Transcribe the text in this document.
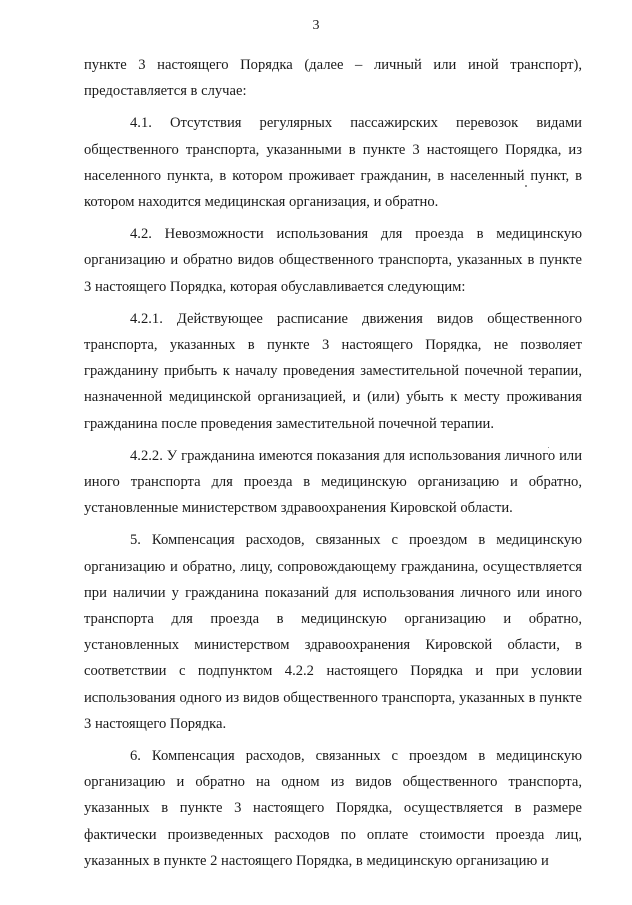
3

пункте 3 настоящего Порядка (далее – личный или иной транспорт), предоставляется в случае:

4.1. Отсутствия регулярных пассажирских перевозок видами общественного транспорта, указанными в пункте 3 настоящего Порядка, из населенного пункта, в котором проживает гражданин, в населенный пункт, в котором находится медицинская организация, и обратно.

4.2. Невозможности использования для проезда в медицинскую организацию и обратно видов общественного транспорта, указанных в пункте 3 настоящего Порядка, которая обуславливается следующим:

4.2.1. Действующее расписание движения видов общественного транспорта, указанных в пункте 3 настоящего Порядка, не позволяет гражданину прибыть к началу проведения заместительной почечной терапии, назначенной медицинской организацией, и (или) убыть к месту проживания гражданина после проведения заместительной почечной терапии.

4.2.2. У гражданина имеются показания для использования личного или иного транспорта для проезда в медицинскую организацию и обратно, установленные министерством здравоохранения Кировской области.

5. Компенсация расходов, связанных с проездом в медицинскую организацию и обратно, лицу, сопровождающему гражданина, осуществляется при наличии у гражданина показаний для использования личного или иного транспорта для проезда в медицинскую организацию и обратно, установленных министерством здравоохранения Кировской области, в соответствии с подпунктом 4.2.2 настоящего Порядка и при условии использования одного из видов общественного транспорта, указанных в пункте 3 настоящего Порядка.

6. Компенсация расходов, связанных с проездом в медицинскую организацию и обратно на одном из видов общественного транспорта, указанных в пункте 3 настоящего Порядка, осуществляется в размере фактически произведенных расходов по оплате стоимости проезда лиц, указанных в пункте 2 настоящего Порядка, в медицинскую организацию и
